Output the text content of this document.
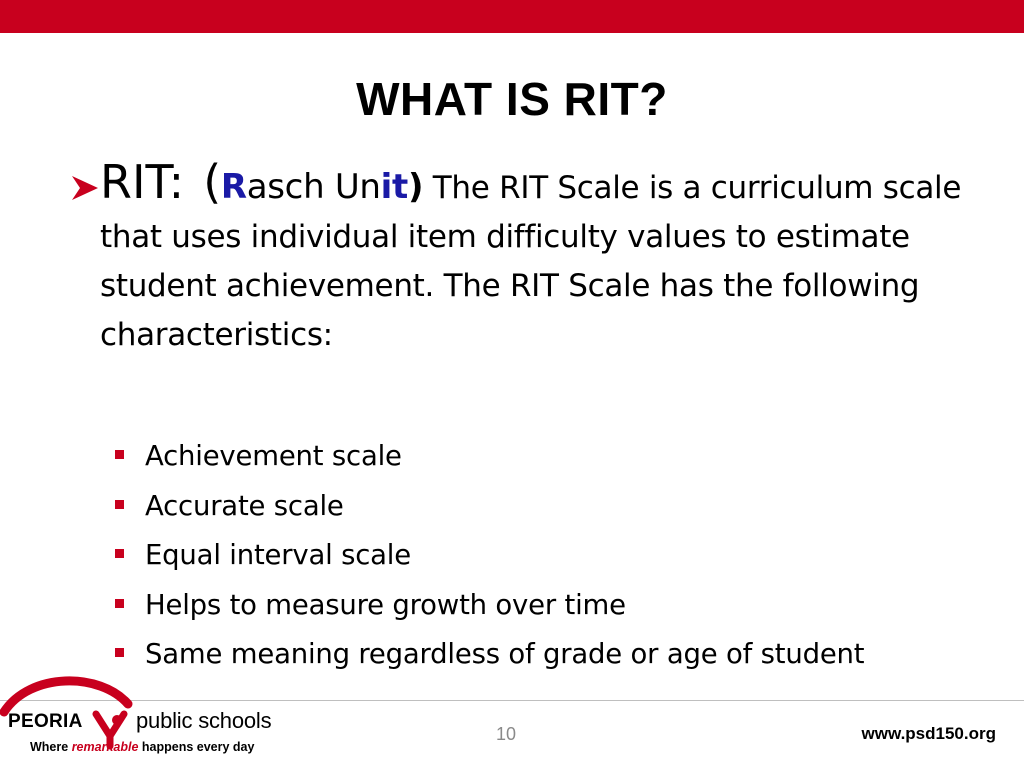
WHAT IS RIT?

RIT: (Rasch Unit) The RIT Scale is a curriculum scale that uses individual item difficulty values to estimate student achievement. The RIT Scale has the following characteristics:

Achievement scale
Accurate scale
Equal interval scale
Helps to measure growth over time
Same meaning regardless of grade or age of student
PEORIA public schools
Where remarkable happens every day
10	www.psd150.org
